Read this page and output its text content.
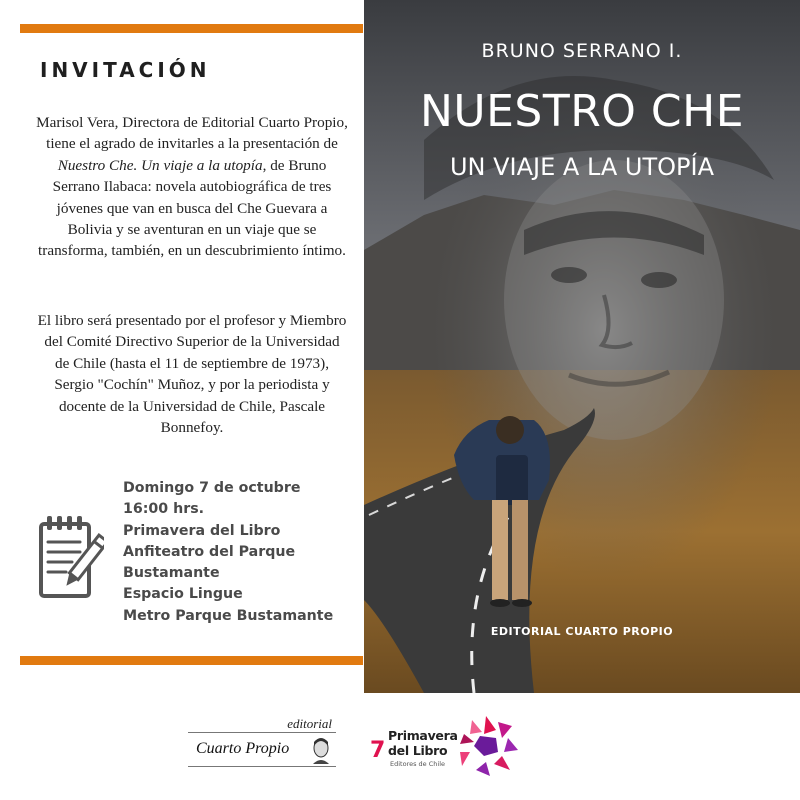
INVITACIÓN

Marisol Vera, Directora de Editorial Cuarto Propio, tiene el agrado de invitarles a la presentación de Nuestro Che. Un viaje a la utopía, de Bruno Serrano Ilabaca: novela autobiográfica de tres jóvenes que van en busca del Che Guevara a Bolivia y se aventuran en un viaje que se transforma, también, en un descubrimiento íntimo.

El libro será presentado por el profesor y Miembro del Comité Directivo Superior de la Universidad de Chile (hasta el 11 de septiembre de 1973), Sergio "Cochín" Muñoz, y por la periodista y docente de la Universidad de Chile, Pascale Bonnefoy.

Domingo 7 de octubre
16:00 hrs.
Primavera del Libro
Anfiteatro del Parque
Bustamante
Espacio Lingue
Metro Parque Bustamante
BRUNO SERRANO I.
NUESTRO CHE
UN VIAJE A LA UTOPÍA
EDITORIAL CUARTO PROPIO
editorial
Cuarto Propio	7
Primavera
del Libro
Editores de Chile
